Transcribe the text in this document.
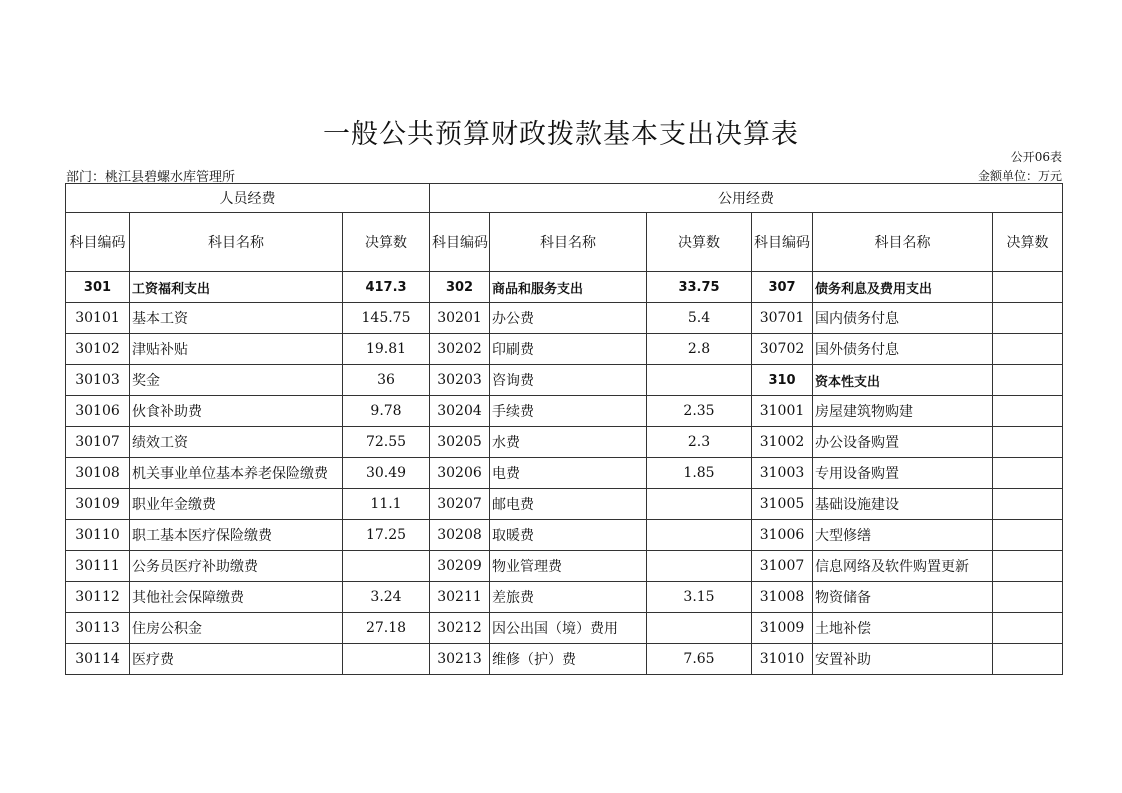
一般公共预算财政拨款基本支出决算表
公开06表
部门：桃江县碧螺水库管理所	金额单位：万元
人员经费			公用经费					
科目编码	科目名称	决算数	科目编码	科目名称	决算数	科目编码	科目名称	决算数
301	工资福利支出	417.3	302	商品和服务支出	33.75	307	债务利息及费用支出	
30101	基本工资	145.75	30201	办公费	5.4	30701	国内债务付息	
30102	津贴补贴	19.81	30202	印刷费	2.8	30702	国外债务付息	
30103	奖金	36	30203	咨询费		310	资本性支出	
30106	伙食补助费	9.78	30204	手续费	2.35	31001	房屋建筑物购建	
30107	绩效工资	72.55	30205	水费	2.3	31002	办公设备购置	
30108	机关事业单位基本养老保险缴费	30.49	30206	电费	1.85	31003	专用设备购置	
30109	职业年金缴费	11.1	30207	邮电费		31005	基础设施建设	
30110	职工基本医疗保险缴费	17.25	30208	取暖费		31006	大型修缮	
30111	公务员医疗补助缴费		30209	物业管理费		31007	信息网络及软件购置更新	
30112	其他社会保障缴费	3.24	30211	差旅费	3.15	31008	物资储备	
30113	住房公积金	27.18	30212	因公出国（境）费用		31009	土地补偿	
30114	医疗费		30213	维修（护）费	7.65	31010	安置补助	
